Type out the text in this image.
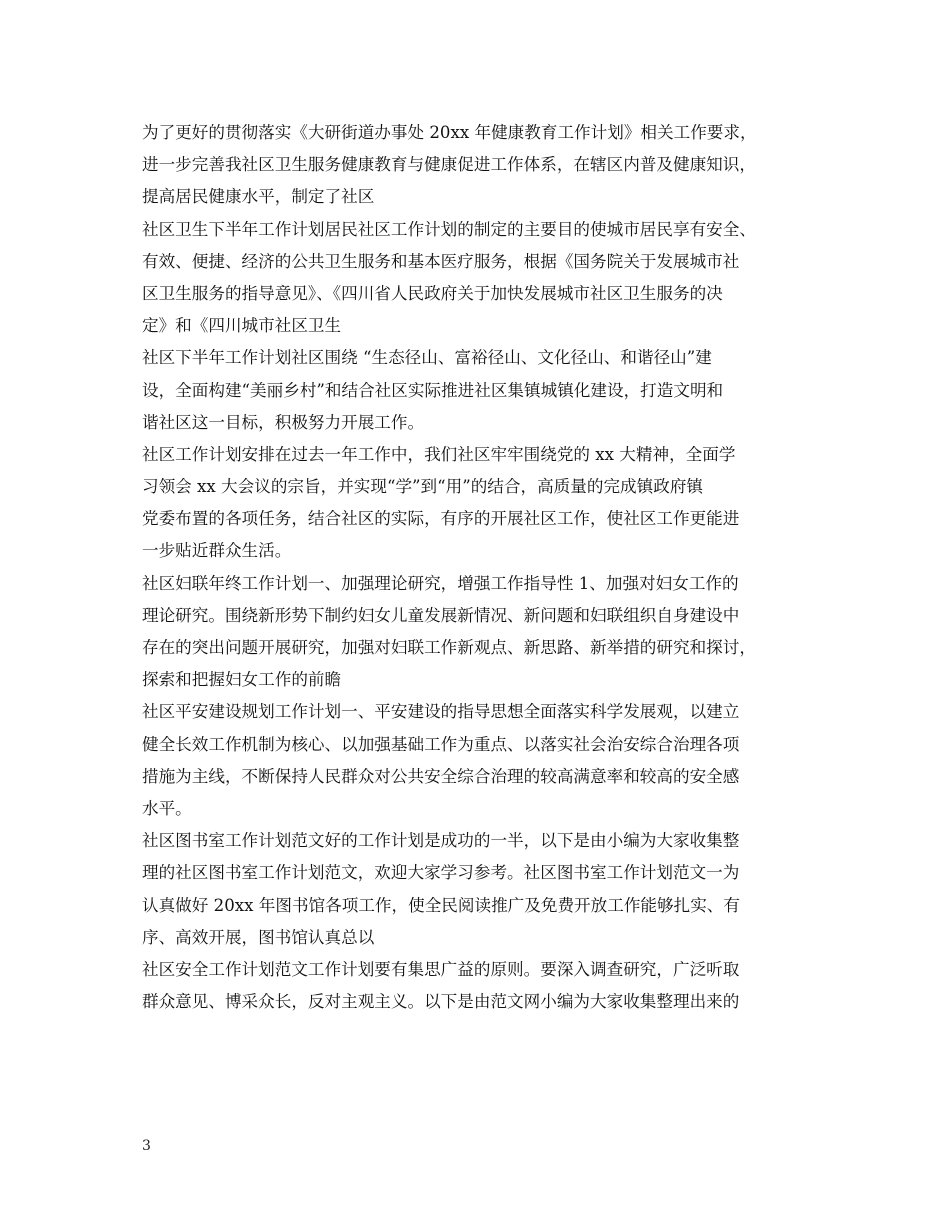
为了更好的贯彻落实《大研街道办事处 20xx 年健康教育工作计划》相关工作要求，
进一步完善我社区卫生服务健康教育与健康促进工作体系，在辖区内普及健康知识，
提高居民健康水平，制定了社区
社区卫生下半年工作计划居民社区工作计划的制定的主要目的使城市居民享有安全、
有效、便捷、经济的公共卫生服务和基本医疗服务，根据《国务院关于发展城市社
区卫生服务的指导意见》、《四川省人民政府关于加快发展城市社区卫生服务的决
定》和《四川城市社区卫生
社区下半年工作计划社区围绕 “生态径山、富裕径山、文化径山、和谐径山”建
设，全面构建“美丽乡村”和结合社区实际推进社区集镇城镇化建设，打造文明和
谐社区这一目标，积极努力开展工作。
社区工作计划安排在过去一年工作中，我们社区牢牢围绕党的 xx 大精神，全面学
习领会 xx 大会议的宗旨，并实现“学”到“用”的结合，高质量的完成镇政府镇
党委布置的各项任务，结合社区的实际，有序的开展社区工作，使社区工作更能进
一步贴近群众生活。
社区妇联年终工作计划一、加强理论研究，增强工作指导性 1、加强对妇女工作的
理论研究。围绕新形势下制约妇女儿童发展新情况、新问题和妇联组织自身建设中
存在的突出问题开展研究，加强对妇联工作新观点、新思路、新举措的研究和探讨，
探索和把握妇女工作的前瞻
社区平安建设规划工作计划一、平安建设的指导思想全面落实科学发展观，以建立
健全长效工作机制为核心、以加强基础工作为重点、以落实社会治安综合治理各项
措施为主线，不断保持人民群众对公共安全综合治理的较高满意率和较高的安全感
水平。
社区图书室工作计划范文好的工作计划是成功的一半，以下是由小编为大家收集整
理的社区图书室工作计划范文，欢迎大家学习参考。社区图书室工作计划范文一为
认真做好 20xx 年图书馆各项工作，使全民阅读推广及免费开放工作能够扎实、有
序、高效开展，图书馆认真总以
社区安全工作计划范文工作计划要有集思广益的原则。要深入调查研究，广泛听取
群众意见、博采众长，反对主观主义。以下是由范文网小编为大家收集整理出来的
3
